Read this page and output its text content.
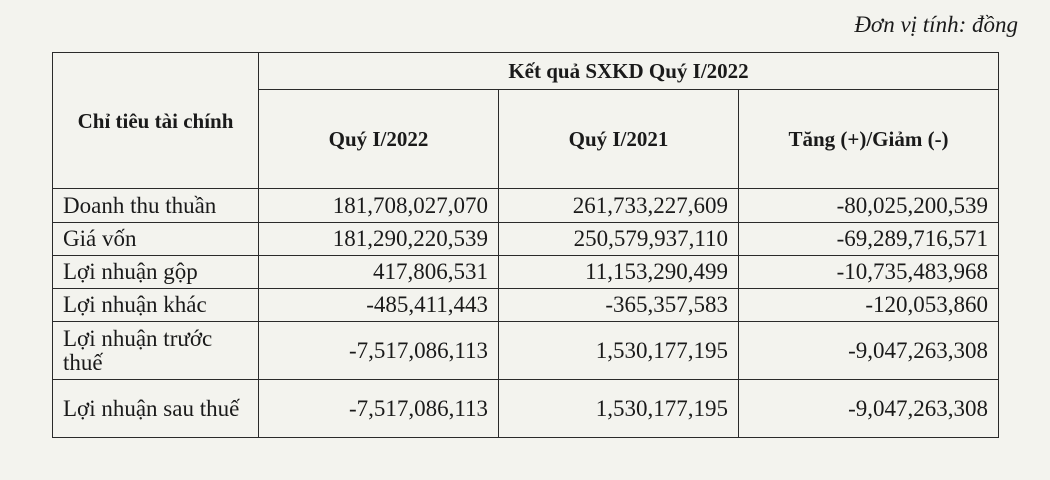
Đơn vị tính: đồng
Chỉ tiêu tài chính	Kết quả SXKD Quý I/2022		
	Quý I/2022	Quý I/2021	Tăng (+)/Giảm (-)
Doanh thu thuần	181,708,027,070	261,733,227,609	-80,025,200,539
Giá vốn	181,290,220,539	250,579,937,110	-69,289,716,571
Lợi nhuận gộp	417,806,531	11,153,290,499	-10,735,483,968
Lợi nhuận khác	-485,411,443	-365,357,583	-120,053,860
Lợi nhuận trước thuế	-7,517,086,113	1,530,177,195	-9,047,263,308
Lợi nhuận sau thuế	-7,517,086,113	1,530,177,195	-9,047,263,308
